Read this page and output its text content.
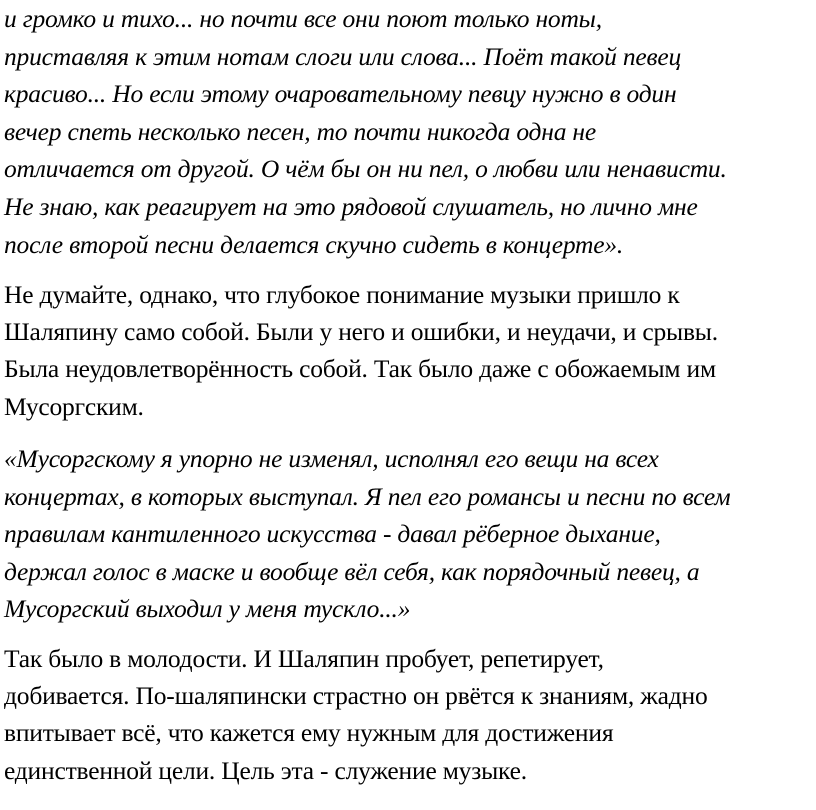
и громко и тихо... но почти все они поют только ноты,
приставляя к этим нотам слоги или слова... Поёт такой певец
красиво... Но если этому очаровательному певцу нужно в один
вечер спеть несколько песен, то почти никогда одна не
отличается от другой. О чём бы он ни пел, о любви или ненависти.
Не знаю, как реагирует на это рядовой слушатель, но лично мне
после второй песни делается скучно сидеть в концерте».
Не думайте, однако, что глубокое понимание музыки пришло к
Шаляпину само собой. Были у него и ошибки, и неудачи, и срывы.
Была неудовлетворённость собой. Так было даже с обожаемым им
Мусоргским.
«Мусоргскому я упорно не изменял, исполнял его вещи на всех
концертах, в которых выступал. Я пел его романсы и песни по всем
правилам кантиленного искусства - давал рёберное дыхание,
держал голос в маске и вообще вёл себя, как порядочный певец, а
Мусоргский выходил у меня тускло...»
Так было в молодости. И Шаляпин пробует, репетирует,
добивается. По-шаляпински страстно он рвётся к знаниям, жадно
впитывает всё, что кажется ему нужным для достижения
единственной цели. Цель эта - служение музыке.
